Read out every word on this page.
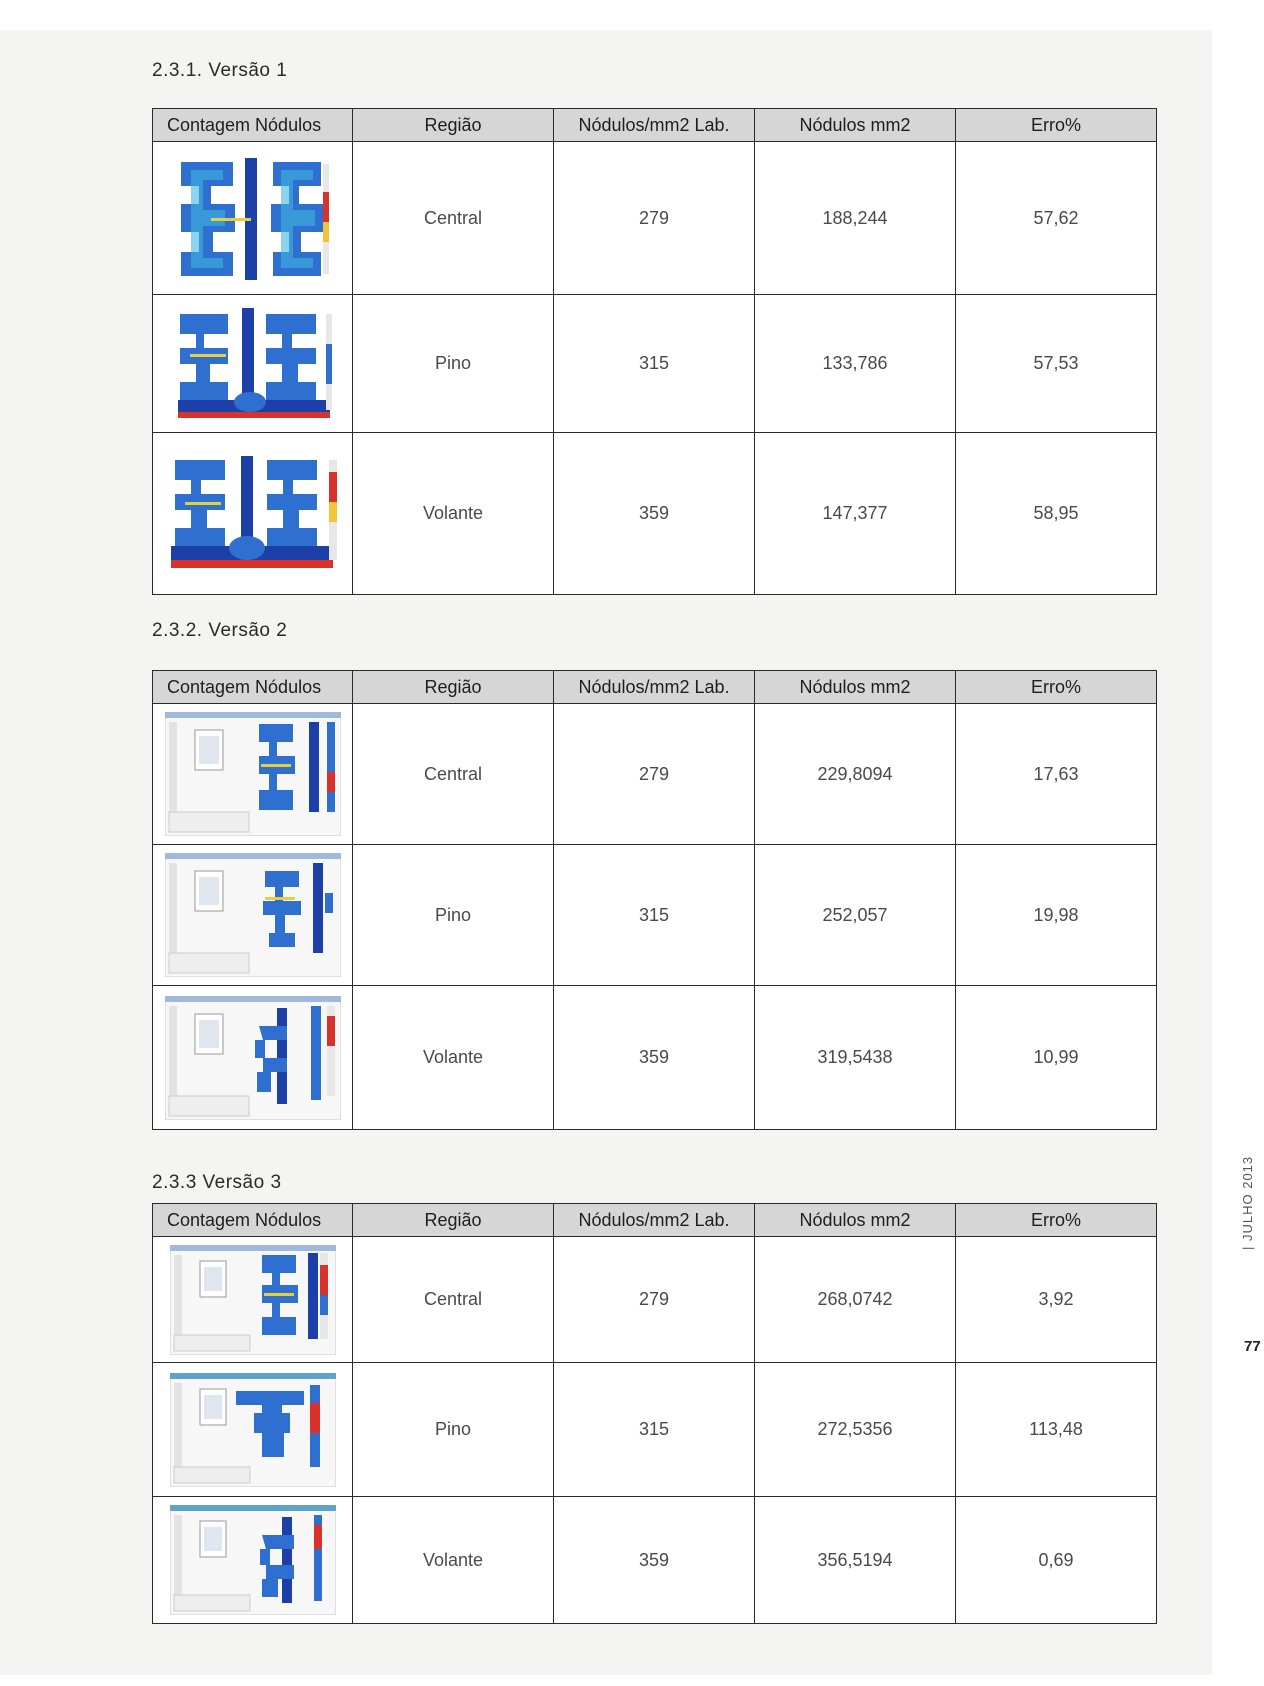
2.3.1. Versão 1
Contagem Nódulos	Região	Nódulos/mm2 Lab.	Nódulos mm2	Erro%

	Central	279	188,244	57,62

	Pino	315	133,786	57,53

	Volante	359	147,377	58,95
2.3.2. Versão 2
Contagem Nódulos	Região	Nódulos/mm2 Lab.	Nódulos mm2	Erro%

	Central	279	229,8094	17,63

	Pino	315	252,057	19,98

	Volante	359	319,5438	10,99
2.3.3 Versão 3
Contagem Nódulos	Região	Nódulos/mm2 Lab.	Nódulos mm2	Erro%

	Central	279	268,0742	3,92

	Pino	315	272,5356	113,48

	Volante	359	356,5194	0,69
| JULHO 2013
77
